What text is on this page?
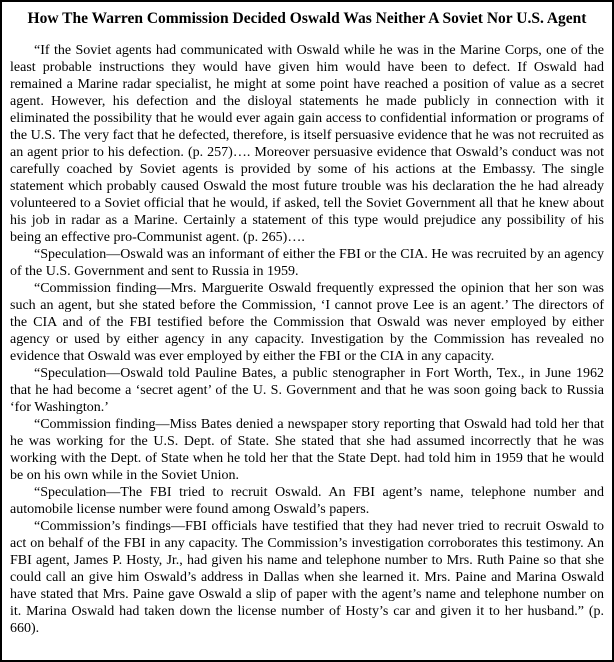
How The Warren Commission Decided Oswald Was Neither A Soviet Nor U.S. Agent

“If the Soviet agents had communicated with Oswald while he was in the Marine Corps, one of the least probable instructions they would have given him would have been to defect. If Oswald had remained a Marine radar specialist, he might at some point have reached a position of value as a secret agent. However, his defection and the disloyal statements he made publicly in connection with it eliminated the possibility that he would ever again gain access to confidential information or programs of the U.S. The very fact that he defected, therefore, is itself persuasive evidence that he was not recruited as an agent prior to his defection. (p. 257)…. Moreover persuasive evidence that Oswald’s conduct was not carefully coached by Soviet agents is provided by some of his actions at the Embassy. The single statement which probably caused Oswald the most future trouble was his declaration the he had already volunteered to a Soviet official that he would, if asked, tell the Soviet Government all that he knew about his job in radar as a Marine. Certainly a statement of this type would prejudice any possibility of his being an effective pro-Communist agent. (p. 265)….

“Speculation—Oswald was an informant of either the FBI or the CIA. He was recruited by an agency of the U.S. Government and sent to Russia in 1959.

“Commission finding—Mrs. Marguerite Oswald frequently expressed the opinion that her son was such an agent, but she stated before the Commission, ‘I cannot prove Lee is an agent.’ The directors of the CIA and of the FBI testified before the Commission that Oswald was never employed by either agency or used by either agency in any capacity. Investigation by the Commission has revealed no evidence that Oswald was ever employed by either the FBI or the CIA in any capacity.

“Speculation—Oswald told Pauline Bates, a public stenographer in Fort Worth, Tex., in June 1962 that he had become a ‘secret agent’ of the U. S. Government and that he was soon going back to Russia ‘for Washington.’

“Commission finding—Miss Bates denied a newspaper story reporting that Oswald had told her that he was working for the U.S. Dept. of State. She stated that she had assumed incorrectly that he was working with the Dept. of State when he told her that the State Dept. had told him in 1959 that he would be on his own while in the Soviet Union.

“Speculation—The FBI tried to recruit Oswald. An FBI agent’s name, telephone number and automobile license number were found among Oswald’s papers.

“Commission’s findings—FBI officials have testified that they had never tried to recruit Oswald to act on behalf of the FBI in any capacity. The Commission’s investigation corroborates this testimony. An FBI agent, James P. Hosty, Jr., had given his name and telephone number to Mrs. Ruth Paine so that she could call an give him Oswald’s address in Dallas when she learned it. Mrs. Paine and Marina Oswald have stated that Mrs. Paine gave Oswald a slip of paper with the agent’s name and telephone number on it. Marina Oswald had taken down the license number of Hosty’s car and given it to her husband.” (p. 660).
